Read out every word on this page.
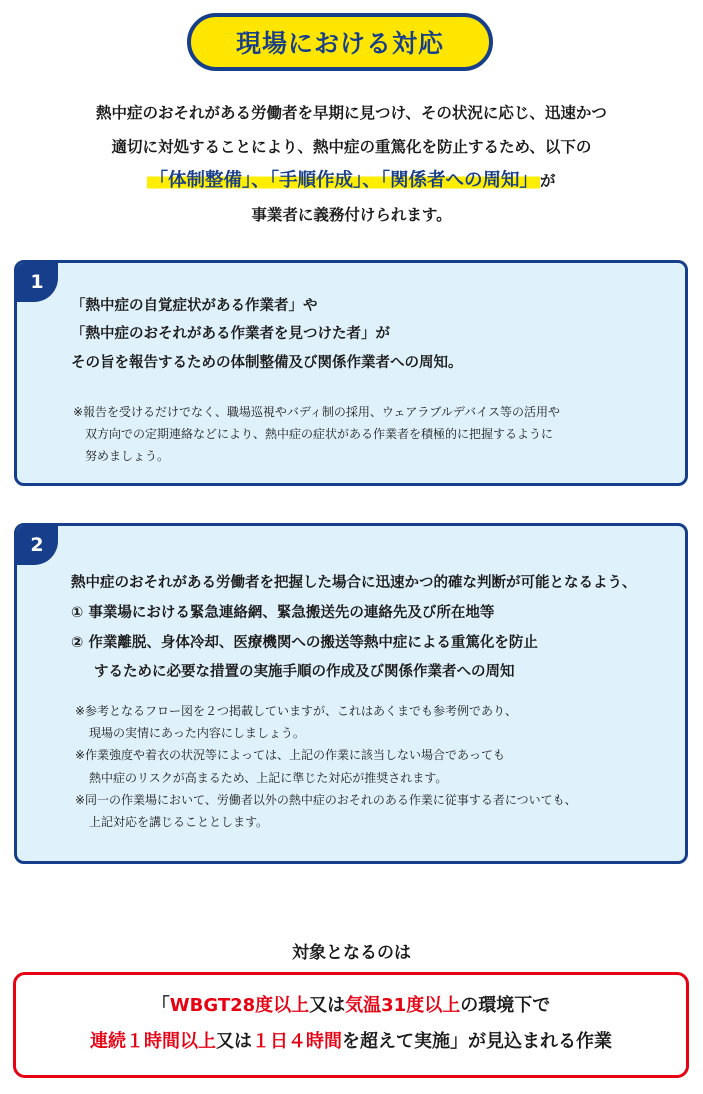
現場における対応
熱中症のおそれがある労働者を早期に見つけ、その状況に応じ、迅速かつ
適切に対処することにより、熱中症の重篤化を防止するため、以下の
「体制整備」、「手順作成」、「関係者への周知」 が
事業者に義務付けられます。
1
「熱中症の自覚症状がある作業者」や
「熱中症のおそれがある作業者を見つけた者」が
その旨を報告するための体制整備及び関係作業者への周知。
※報告を受けるだけでなく、職場巡視やバディ制の採用、ウェアラブルデバイス等の活用や
双方向での定期連絡などにより、熱中症の症状がある作業者を積極的に把握するように
努めましょう。
2
熱中症のおそれがある労働者を把握した場合に迅速かつ的確な判断が可能となるよう、
① 事業場における緊急連絡網、緊急搬送先の連絡先及び所在地等
② 作業離脱、身体冷却、医療機関への搬送等熱中症による重篤化を防止
するために必要な措置の実施手順の作成及び関係作業者への周知
※参考となるフロー図を２つ掲載していますが、これはあくまでも参考例であり、
現場の実情にあった内容にしましょう。
※作業強度や着衣の状況等によっては、上記の作業に該当しない場合であっても
熱中症のリスクが高まるため、上記に準じた対応が推奨されます。
※同一の作業場において、労働者以外の熱中症のおそれのある作業に従事する者についても、
上記対応を講じることとします。
対象となるのは
「WBGT28度以上又は気温31度以上の環境下で
連続１時間以上又は１日４時間を超えて実施」が見込まれる作業
